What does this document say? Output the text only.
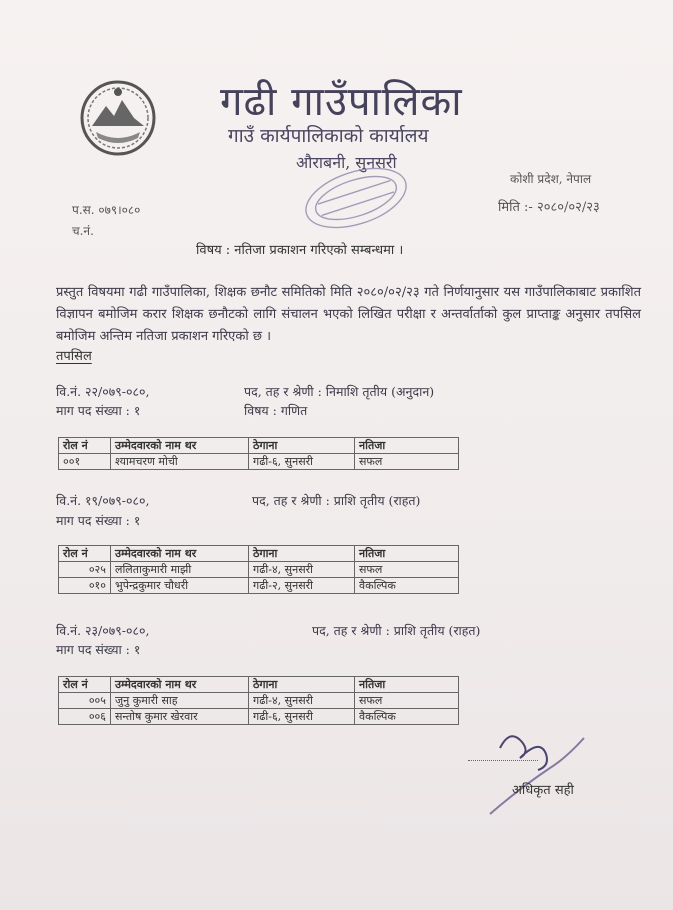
गढी गाउँपालिका
गाउँ कार्यपालिकाको कार्यालय
औराबनी, सुनसरी
कोशी प्रदेश, नेपाल
प.स. ०७९।०८०
च.नं.
मिति :- २०८०/०२/२३
विषय : नतिजा प्रकाशन गरिएको सम्बन्धमा ।
प्रस्तुत विषयमा गढी गाउँपालिका, शिक्षक छनौट समितिको मिति २०८०/०२/२३ गते निर्णयानुसार यस गाउँपालिकाबाट प्रकाशित विज्ञापन बमोजिम करार शिक्षक छनौटको लागि संचालन भएको लिखित परीक्षा र अन्तर्वार्ताको कुल प्राप्ताङ्क अनुसार तपसिल बमोजिम अन्तिम नतिजा प्रकाशन गरिएको छ ।
तपसिल
वि.नं. २२/०७९-०८०,	पद, तह र श्रेणी : निमाशि तृतीय (अनुदान)
माग पद संख्या : १	विषय : गणित
रोल नं	उम्मेदवारको नाम थर	ठेगाना	नतिजा
००१	श्यामचरण मोची	गढी-६, सुनसरी	सफल
वि.नं. १९/०७९-०८०,	पद, तह र श्रेणी : प्राशि तृतीय (राहत)
माग पद संख्या : १
रोल नं	उम्मेदवारको नाम थर	ठेगाना	नतिजा
०२५	ललिताकुमारी माझी	गढी-४, सुनसरी	सफल
०१०	भुपेन्द्रकुमार चौधरी	गढी-२, सुनसरी	वैकल्पिक
वि.नं. २३/०७९-०८०,	पद, तह र श्रेणी : प्राशि तृतीय (राहत)
माग पद संख्या : १
रोल नं	उम्मेदवारको नाम थर	ठेगाना	नतिजा
००५	जुनु कुमारी साह	गढी-४, सुनसरी	सफल
००६	सन्तोष कुमार खेरवार	गढी-६, सुनसरी	वैकल्पिक
अधिकृत सही
